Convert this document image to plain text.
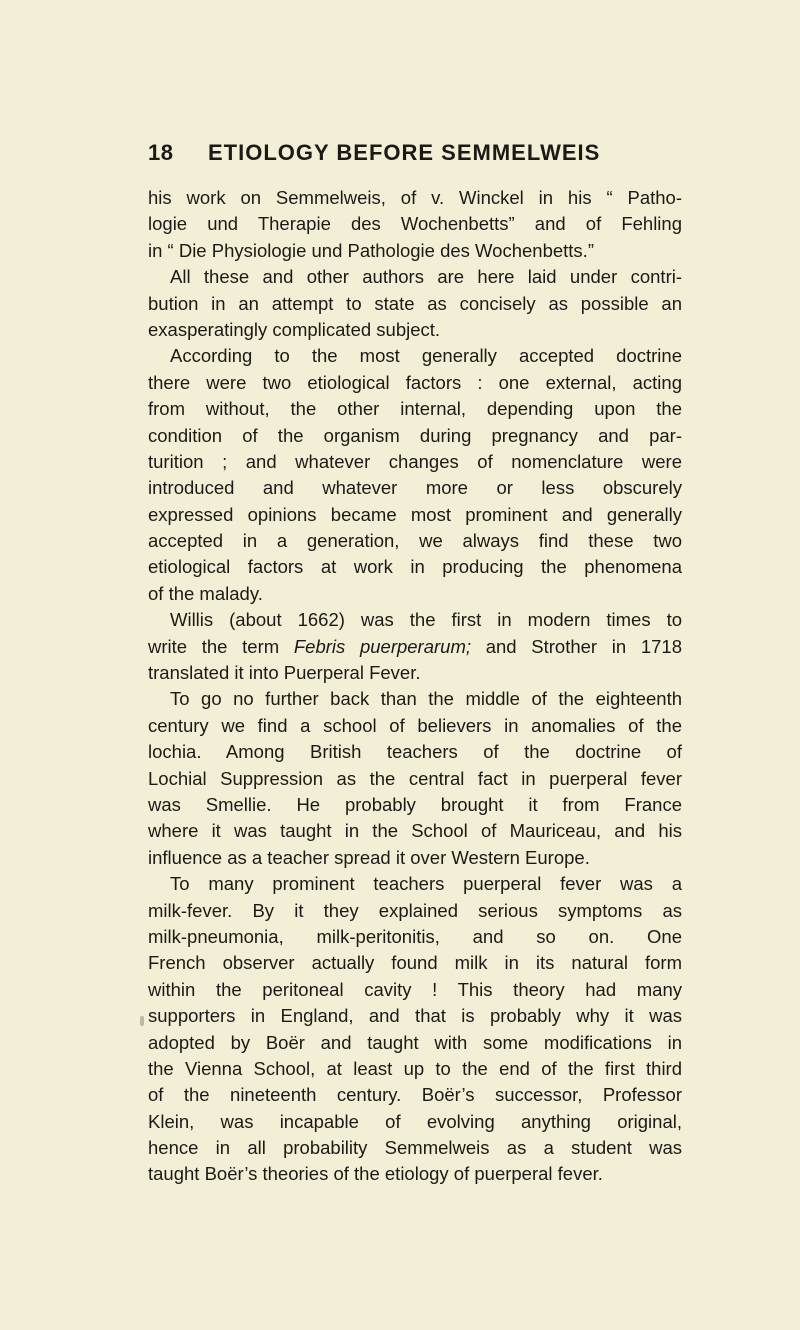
18 ETIOLOGY BEFORE SEMMELWEIS
his work on Semmelweis, of v. Winckel in his “ Patho-
logie und Therapie des Wochenbetts” and of Fehling
in “ Die Physiologie und Pathologie des Wochenbetts.”
All these and other authors are here laid under contri-
bution in an attempt to state as concisely as possible an
exasperatingly complicated subject.
According to the most generally accepted doctrine
there were two etiological factors : one external, acting
from without, the other internal, depending upon the
condition of the organism during pregnancy and par-
turition ; and whatever changes of nomenclature were
introduced and whatever more or less obscurely
expressed opinions became most prominent and generally
accepted in a generation, we always find these two
etiological factors at work in producing the phenomena
of the malady.
Willis (about 1662) was the first in modern times to
write the term Febris puerperarum; and Strother in 1718
translated it into Puerperal Fever.
To go no further back than the middle of the eighteenth
century we find a school of believers in anomalies of the
lochia. Among British teachers of the doctrine of
Lochial Suppression as the central fact in puerperal fever
was Smellie. He probably brought it from France
where it was taught in the School of Mauriceau, and his
influence as a teacher spread it over Western Europe.
To many prominent teachers puerperal fever was a
milk-fever. By it they explained serious symptoms as
milk-pneumonia, milk-peritonitis, and so on. One
French observer actually found milk in its natural form
within the peritoneal cavity ! This theory had many
supporters in England, and that is probably why it was
adopted by Boër and taught with some modifications in
the Vienna School, at least up to the end of the first third
of the nineteenth century. Boër’s successor, Professor
Klein, was incapable of evolving anything original,
hence in all probability Semmelweis as a student was
taught Boër’s theories of the etiology of puerperal fever.
